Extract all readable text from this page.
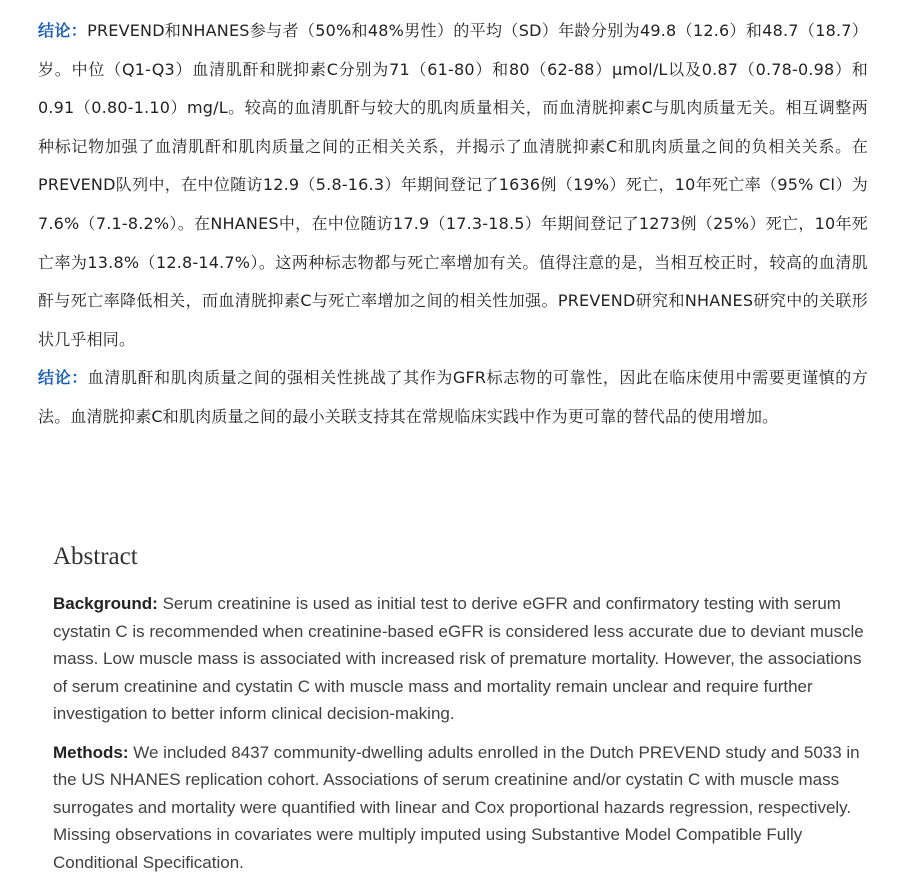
结论：PREVEND和NHANES参与者（50%和48%男性）的平均（SD）年龄分别为49.8（12.6）和48.7（18.7）岁。中位（Q1-Q3）血清肌酐和胱抑素C分别为71（61-80）和80（62-88）μmol/L以及0.87（0.78-0.98）和0.91（0.80-1.10）mg/L。较高的血清肌酐与较大的肌肉质量相关，而血清胱抑素C与肌肉质量无关。相互调整两种标记物加强了血清肌酐和肌肉质量之间的正相关关系，并揭示了血清胱抑素C和肌肉质量之间的负相关关系。在PREVEND队列中，在中位随访12.9（5.8-16.3）年期间登记了1636例（19%）死亡，10年死亡率（95% CI）为7.6%（7.1-8.2%）。在NHANES中，在中位随访17.9（17.3-18.5）年期间登记了1273例（25%）死亡，10年死亡率为13.8%（12.8-14.7%）。这两种标志物都与死亡率增加有关。值得注意的是，当相互校正时，较高的血清肌酐与死亡率降低相关，而血清胱抑素C与死亡率增加之间的相关性加强。PREVEND研究和NHANES研究中的关联形状几乎相同。

结论：血清肌酐和肌肉质量之间的强相关性挑战了其作为GFR标志物的可靠性，因此在临床使用中需要更谨慎的方法。血清胱抑素C和肌肉质量之间的最小关联支持其在常规临床实践中作为更可靠的替代品的使用增加。

Abstract

Background: Serum creatinine is used as initial test to derive eGFR and confirmatory testing with serum cystatin C is recommended when creatinine-based eGFR is considered less accurate due to deviant muscle mass. Low muscle mass is associated with increased risk of premature mortality. However, the associations of serum creatinine and cystatin C with muscle mass and mortality remain unclear and require further investigation to better inform clinical decision-making.

Methods: We included 8437 community-dwelling adults enrolled in the Dutch PREVEND study and 5033 in the US NHANES replication cohort. Associations of serum creatinine and/or cystatin C with muscle mass surrogates and mortality were quantified with linear and Cox proportional hazards regression, respectively. Missing observations in covariates were multiply imputed using Substantive Model Compatible Fully Conditional Specification.
